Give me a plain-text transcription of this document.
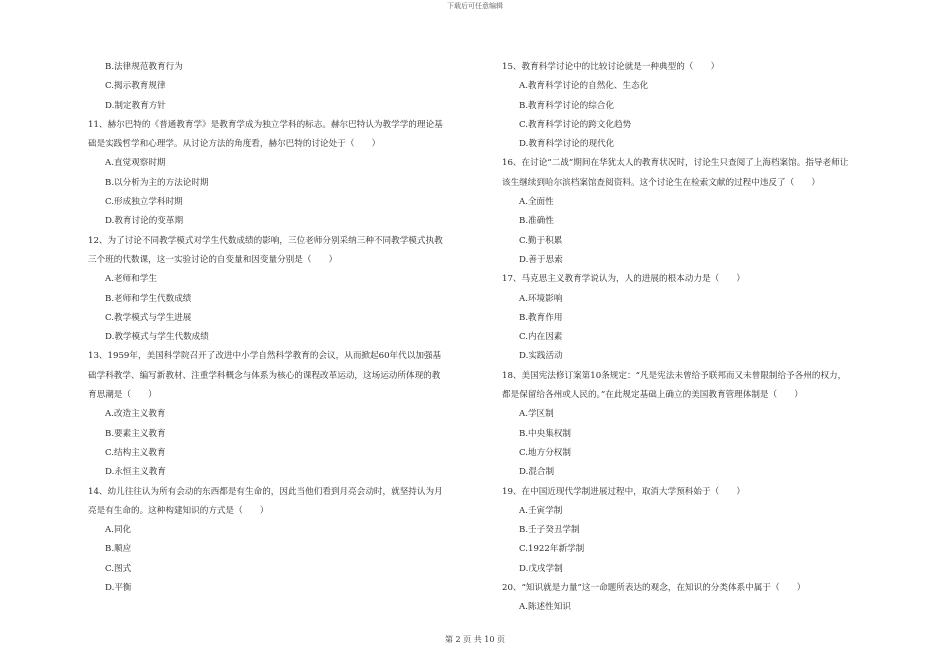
下载后可任意编辑
B.法律规范教育行为
C.揭示教育规律
D.制定教育方针
11、赫尔巴特的《普通教育学》是教育学成为独立学科的标志。赫尔巴特认为教学学的理论基
础是实践哲学和心理学。从讨论方法的角度看，赫尔巴特的讨论处于（　　）
A.直觉观察时期
B.以分析为主的方法论时期
C.形成独立学科时期
D.教育讨论的变革期
12、为了讨论不同教学模式对学生代数成绩的影响，三位老师分别采纳三种不同教学模式执教
三个班的代数课，这一实验讨论的自变量和因变量分别是（　　）
A.老师和学生
B.老师和学生代数成绩
C.教学模式与学生进展
D.教学模式与学生代数成绩
13、1959年，美国科学院召开了改进中小学自然科学教育的会议，从而掀起60年代以加强基
础学科教学、编写新教材、注重学科概念与体系为核心的课程改革运动，这场运动所体现的教
育思潮是（　　）
A.改造主义教育
B.要素主义教育
C.结构主义教育
D.永恒主义教育
14、幼儿往往认为所有会动的东西都是有生命的，因此当他们看到月亮会动时，就坚持认为月
亮是有生命的。这种构建知识的方式是（　　）
A.同化
B.顺应
C.图式
D.平衡
15、教育科学讨论中的比较讨论就是一种典型的（　　）
A.教育科学讨论的自然化、生态化
B.教育科学讨论的综合化
C.教育科学讨论的跨文化趋势
D.教育科学讨论的现代化
16、在讨论“二战”期间在华犹太人的教育状况时，讨论生只查阅了上海档案馆。指导老师让
该生继续到哈尔滨档案馆查阅资料。这个讨论生在检索文献的过程中违反了（　　）
A.全面性
B.准确性
C.勤于积累
D.善于思索
17、马克思主义教育学说认为，人的进展的根本动力是（　　）
A.环境影响
B.教育作用
C.内在因素
D.实践活动
18、美国宪法修订案第10条规定：“凡是宪法未曾给予联邦而又未曾限制给予各州的权力，
都是保留给各州或人民的。”在此规定基础上确立的美国教育管理体制是（　　）
A.学区制
B.中央集权制
C.地方分权制
D.混合制
19、在中国近现代学制进展过程中，取消大学预科始于（　　）
A.壬寅学制
B.壬子癸丑学制
C.1922年新学制
D.戊戌学制
20、“知识就是力量”这一命题所表达的观念，在知识的分类体系中属于（　　）
A.陈述性知识
第 2 页 共 10 页
